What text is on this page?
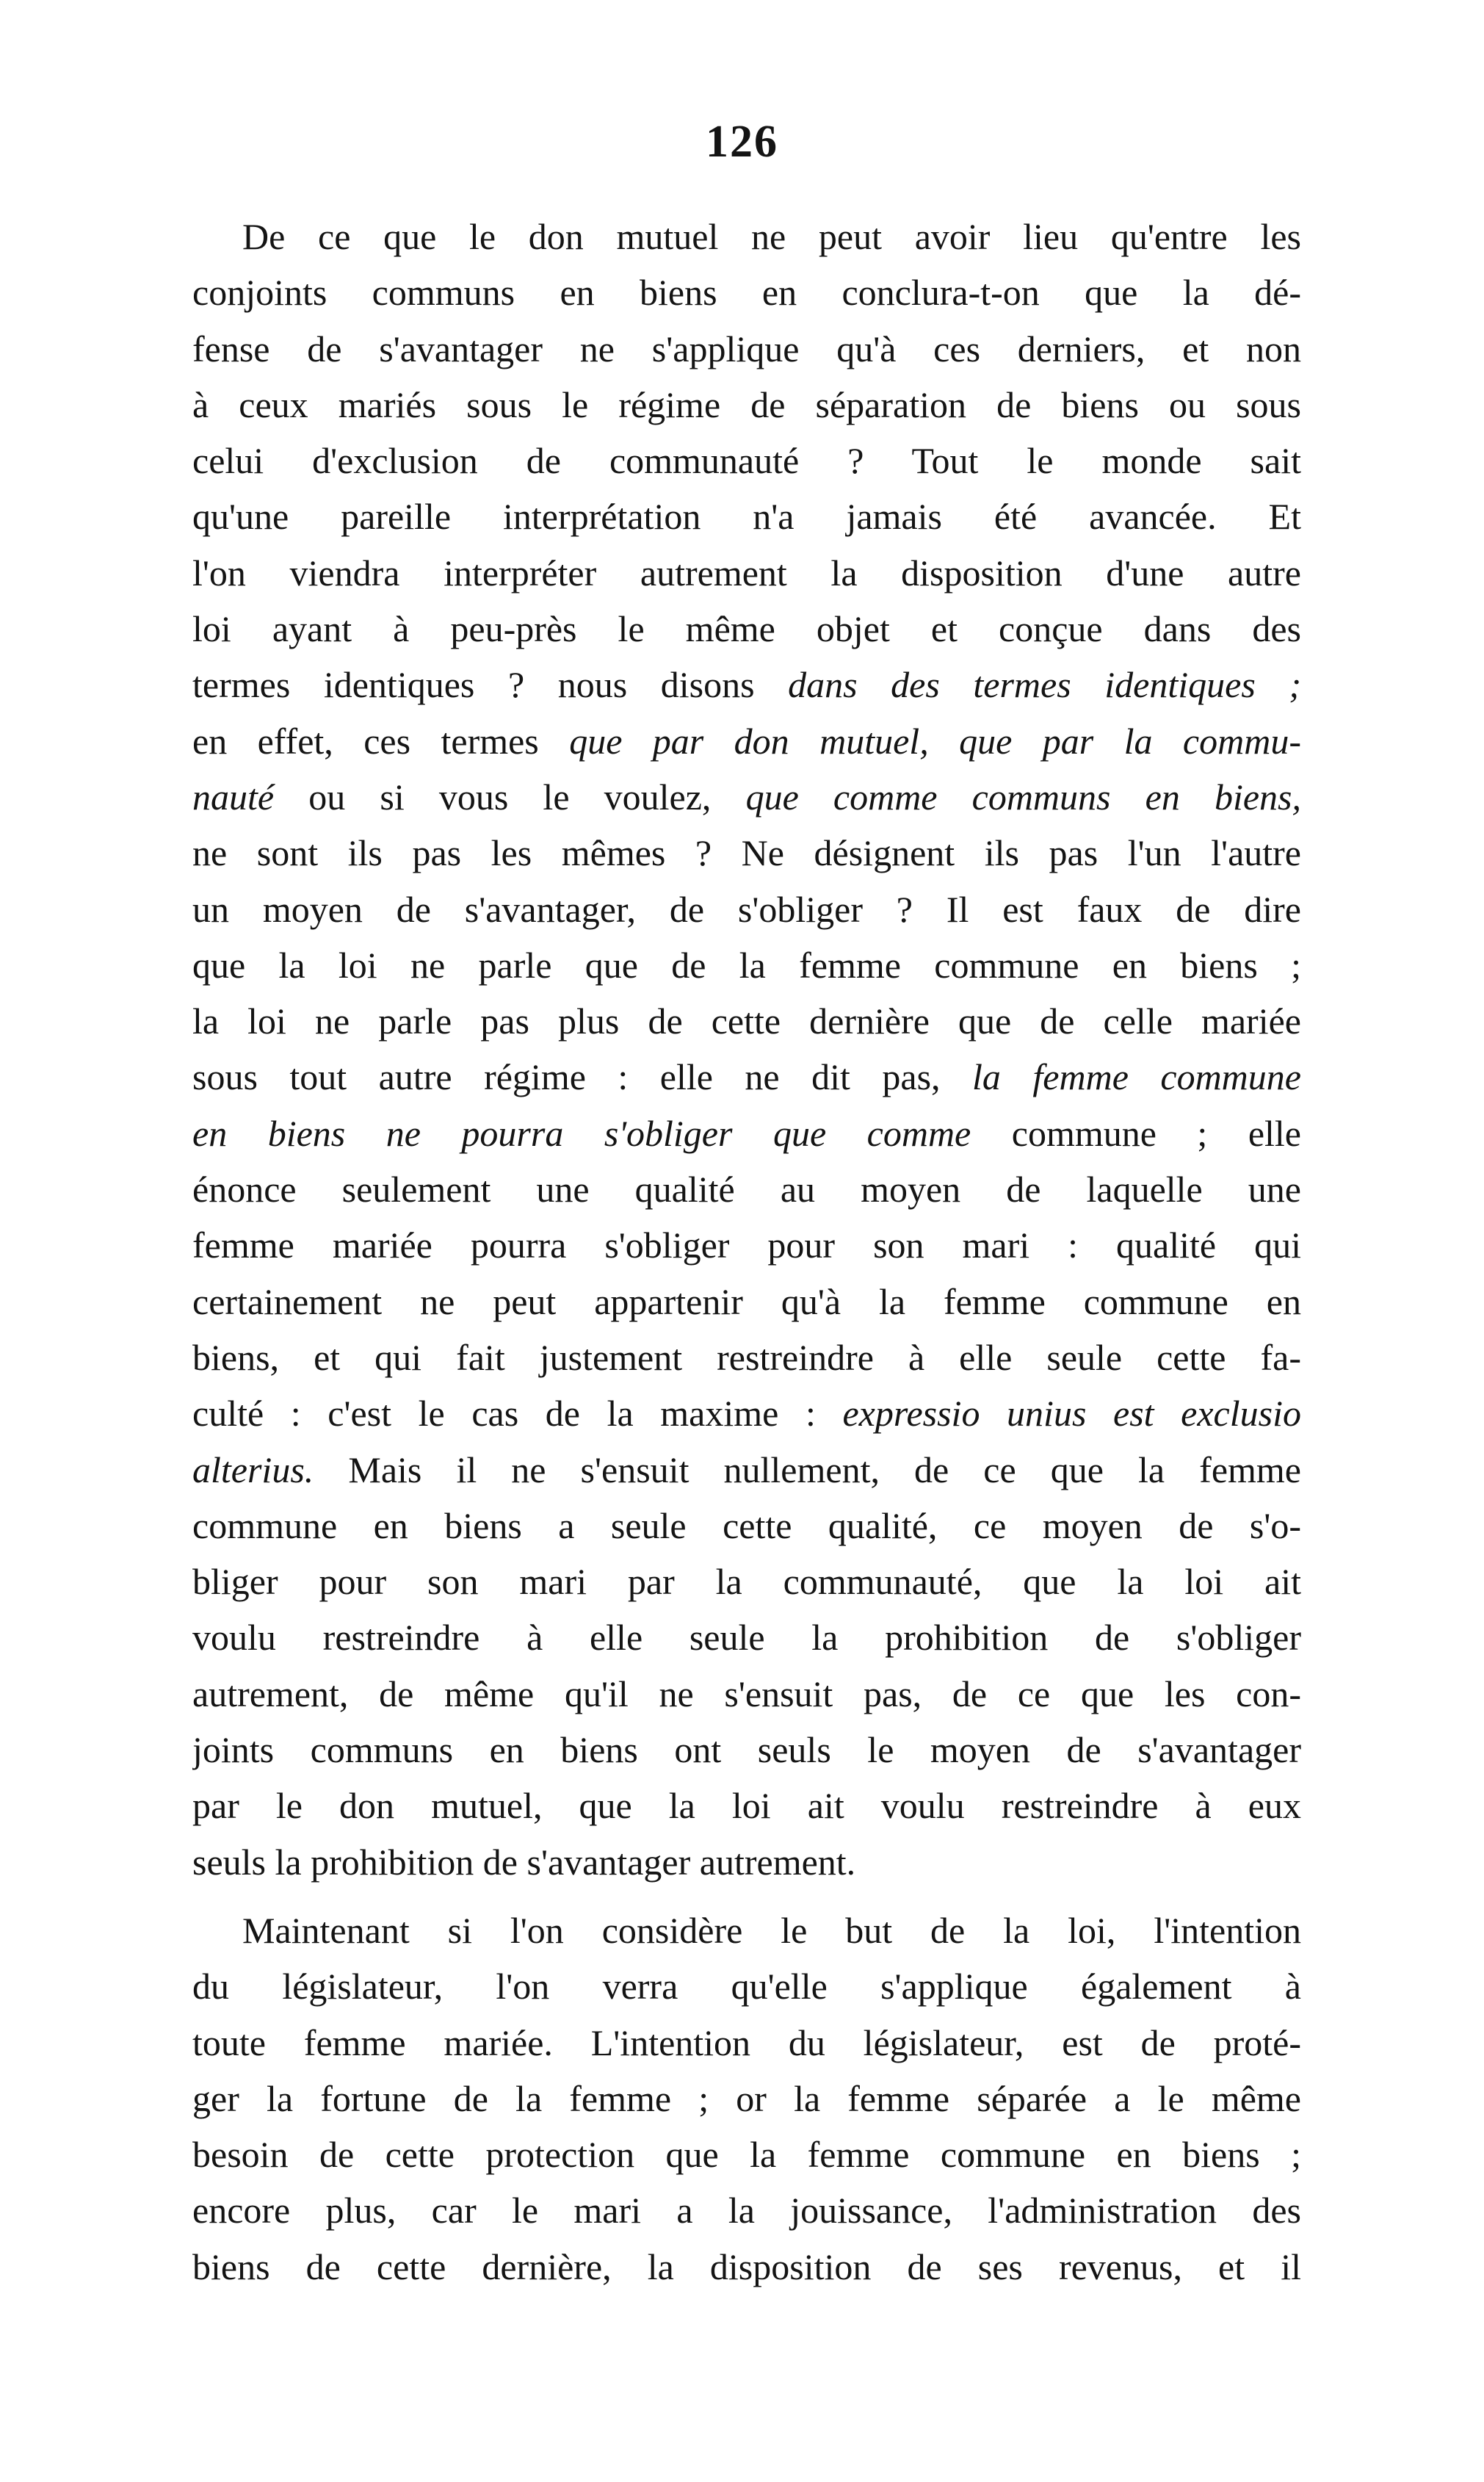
126
De ce que le don mutuel ne peut avoir lieu qu'entre les
conjoints communs en biens en conclura-t-on que la dé-
fense de s'avantager ne s'applique qu'à ces derniers, et non
à ceux mariés sous le régime de séparation de biens ou sous
celui d'exclusion de communauté ? Tout le monde sait
qu'une pareille interprétation n'a jamais été avancée. Et
l'on viendra interpréter autrement la disposition d'une autre
loi ayant à peu-près le même objet et conçue dans des
termes identiques ? nous disons dans des termes identiques ;
en effet, ces termes que par don mutuel, que par la commu-
nauté ou si vous le voulez, que comme communs en biens,
ne sont ils pas les mêmes ? Ne désignent ils pas l'un l'autre
un moyen de s'avantager, de s'obliger ? Il est faux de dire
que la loi ne parle que de la femme commune en biens ;
la loi ne parle pas plus de cette dernière que de celle mariée
sous tout autre régime : elle ne dit pas, la femme commune
en biens ne pourra s'obliger que comme commune ; elle
énonce seulement une qualité au moyen de laquelle une
femme mariée pourra s'obliger pour son mari : qualité qui
certainement ne peut appartenir qu'à la femme commune en
biens, et qui fait justement restreindre à elle seule cette fa-
culté : c'est le cas de la maxime : expressio unius est exclusio
alterius. Mais il ne s'ensuit nullement, de ce que la femme
commune en biens a seule cette qualité, ce moyen de s'o-
bliger pour son mari par la communauté, que la loi ait
voulu restreindre à elle seule la prohibition de s'obliger
autrement, de même qu'il ne s'ensuit pas, de ce que les con-
joints communs en biens ont seuls le moyen de s'avantager
par le don mutuel, que la loi ait voulu restreindre à eux
seuls la prohibition de s'avantager autrement.
Maintenant si l'on considère le but de la loi, l'intention
du législateur, l'on verra qu'elle s'applique également à
toute femme mariée. L'intention du législateur, est de proté-
ger la fortune de la femme ; or la femme séparée a le même
besoin de cette protection que la femme commune en biens ;
encore plus, car le mari a la jouissance, l'administration des
biens de cette dernière, la disposition de ses revenus, et il
